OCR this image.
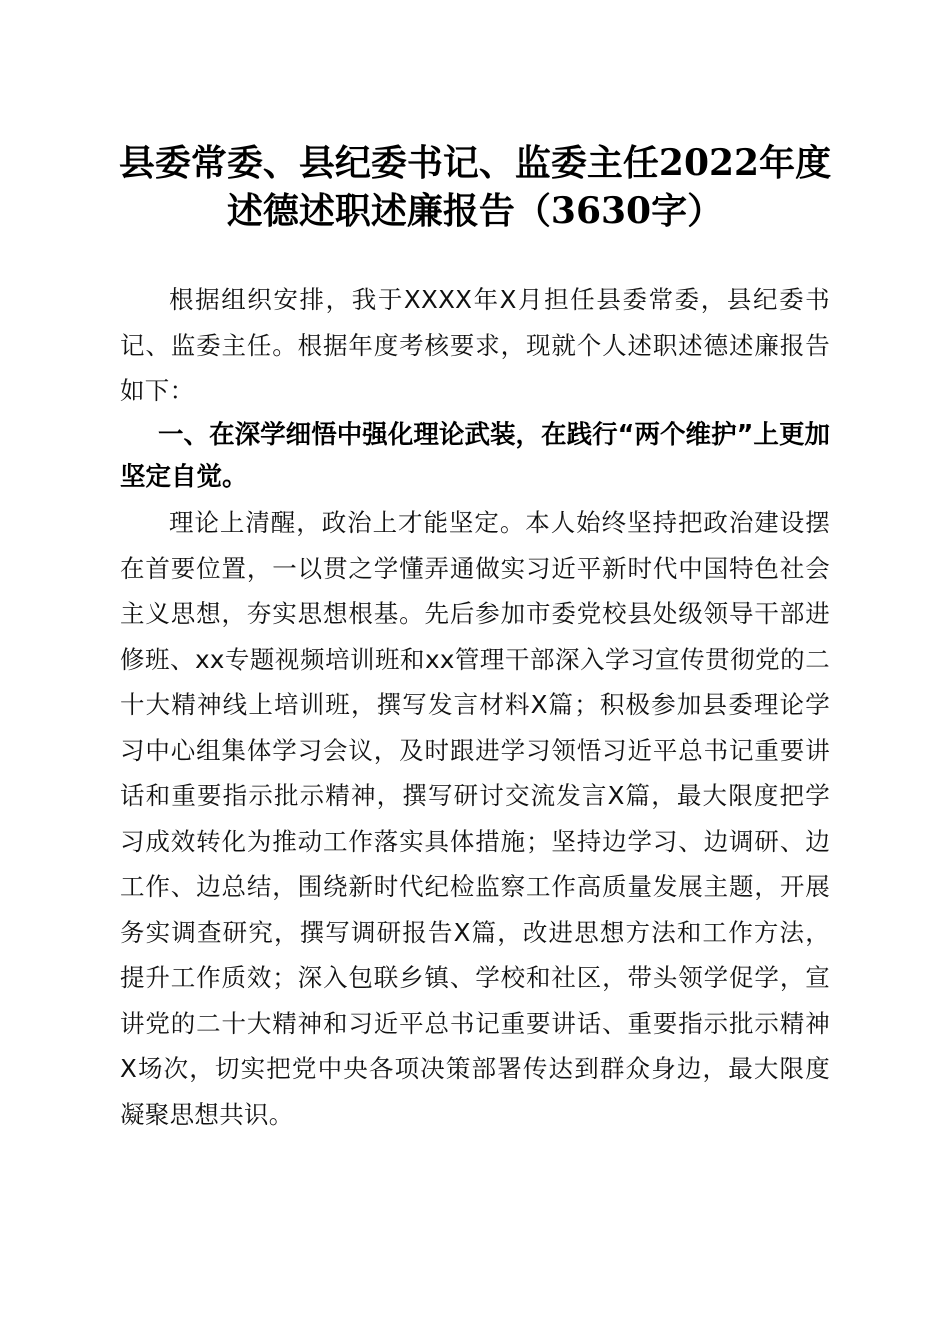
县委常委、县纪委书记、监委主任2022年度
述德述职述廉报告（3630字）

根据组织安排，我于XXXX年X月担任县委常委，县纪委书记、监委主任。根据年度考核要求，现就个人述职述德述廉报告如下：

一、在深学细悟中强化理论武装，在践行“两个维护”上更加坚定自觉。

理论上清醒，政治上才能坚定。本人始终坚持把政治建设摆在首要位置，一以贯之学懂弄通做实习近平新时代中国特色社会主义思想，夯实思想根基。先后参加市委党校县处级领导干部进修班、xx专题视频培训班和xx管理干部深入学习宣传贯彻党的二十大精神线上培训班，撰写发言材料X篇；积极参加县委理论学习中心组集体学习会议，及时跟进学习领悟习近平总书记重要讲话和重要指示批示精神，撰写研讨交流发言X篇，最大限度把学习成效转化为推动工作落实具体措施；坚持边学习、边调研、边工作、边总结，围绕新时代纪检监察工作高质量发展主题，开展务实调查研究，撰写调研报告X篇，改进思想方法和工作方法，提升工作质效；深入包联乡镇、学校和社区，带头领学促学，宣讲党的二十大精神和习近平总书记重要讲话、重要指示批示精神X场次，切实把党中央各项决策部署传达到群众身边，最大限度凝聚思想共识。
